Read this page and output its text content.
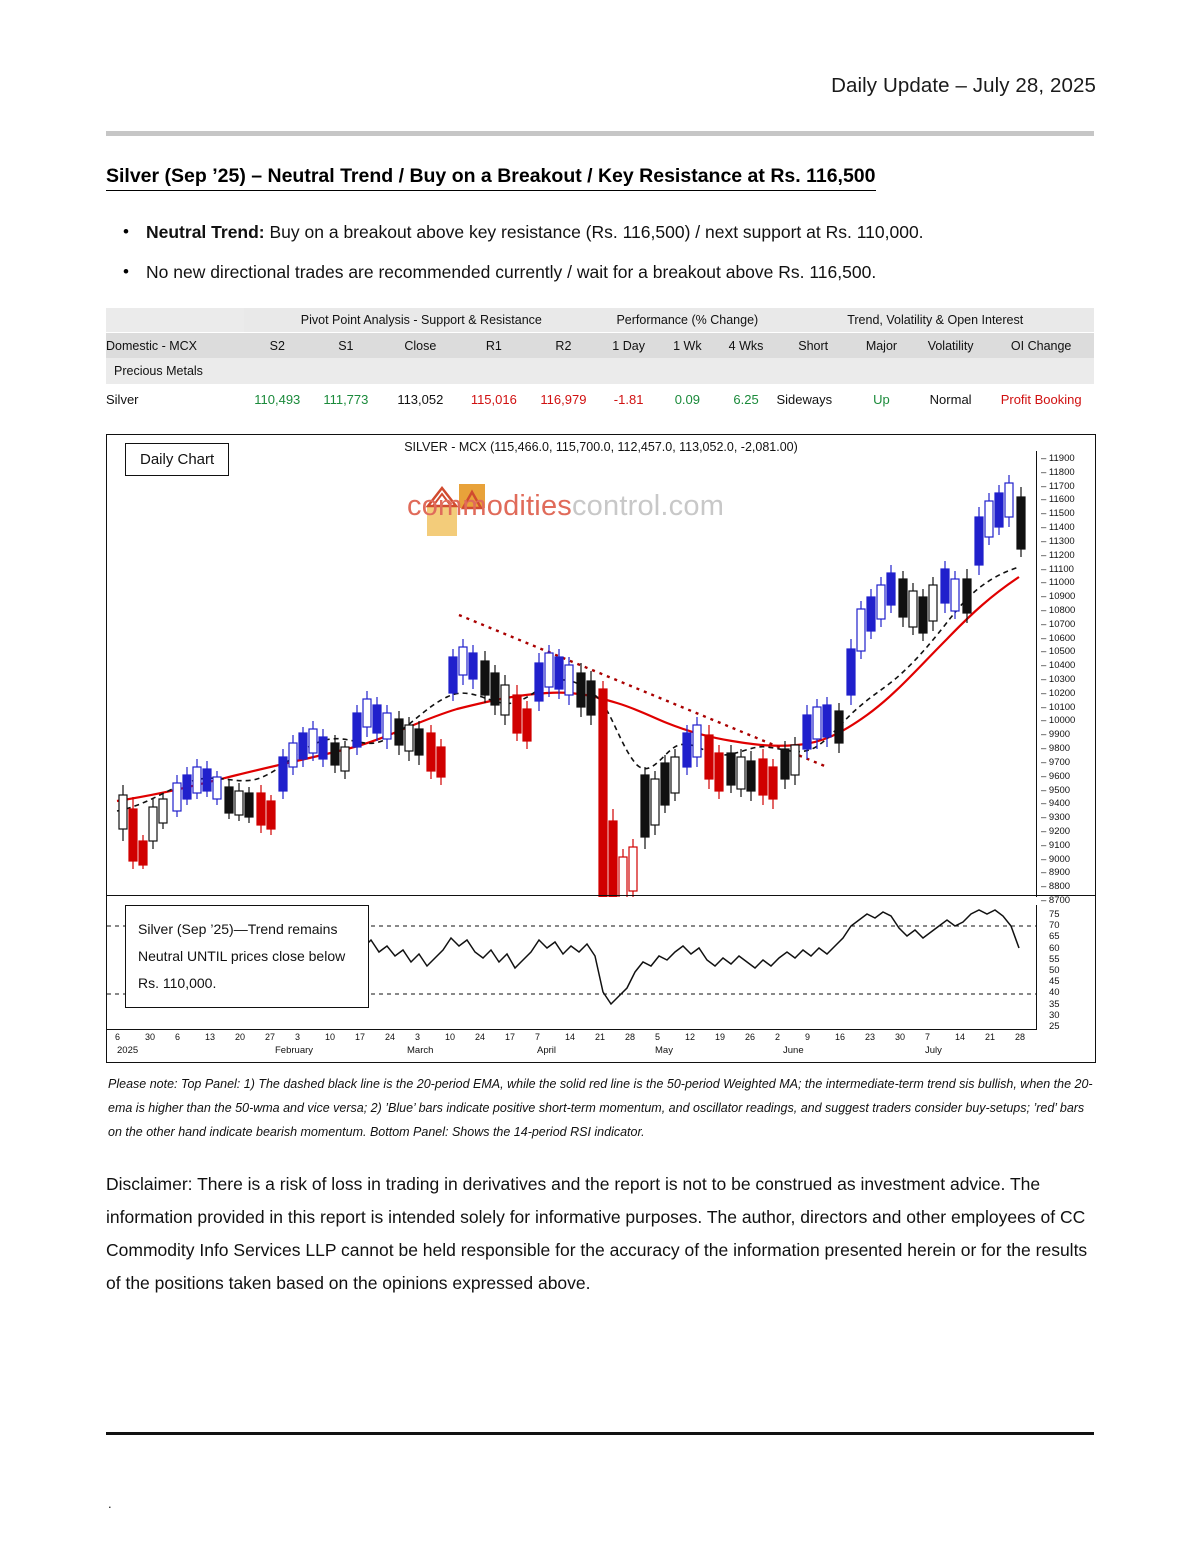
Daily Update – July 28, 2025
Silver (Sep ’25) – Neutral Trend / Buy on a Breakout / Key Resistance at Rs. 116,500
• Neutral Trend: Buy on a breakout above key resistance (Rs. 116,500) / next support at Rs. 110,000.
• No new directional trades are recommended currently / wait for a breakout above Rs. 116,500.
	Pivot Point Analysis - Support & Resistance					Performance (% Change)			Trend, Volatility & Open Interest			
Domestic - MCX	S2	S1	Close	R1	R2	1 Day	1 Wk	4 Wks	Short	Major	Volatility	OI Change
Precious Metals												
Silver	110,493	111,773	113,052	115,016	116,979	-1.81	0.09	6.25	Sideways	Up	Normal	Profit Booking
SILVER - MCX (115,466.0, 115,700.0, 112,457.0, 113,052.0, -2,081.00)
commoditiescontrol.com
Daily Chart	– 11900
– 11800
– 11700
– 11600
– 11500
– 11400
– 11300
– 11200
– 11100
– 11000
– 10900
– 10800
– 10700
– 10600
– 10500
– 10400
– 10300
– 10200
– 10100
– 10000
– 9900
– 9800
– 9700
– 9600
– 9500
– 9400
– 9300
– 9200
– 9100
– 9000
– 8900
– 8800
– 8700
75
70
65
60
55
50
45
40
35
30
25
Silver (Sep ’25)—Trend remains Neutral UNTIL prices close below Rs. 110,000.
6	30 6	13 20 27 3	10 17 24 3	10 24 17 7	14 21 28 5	12 19 26 2	9	16 23 30 7	14 21 28
2025	February	March	April	May	June	July
Please note: Top Panel: 1) The dashed black line is the 20-period EMA, while the solid red line is the 50-period Weighted MA; the intermediate-term trend sis bullish, when the 20-ema is higher than the 50-wma and vice versa; 2) ’Blue’ bars indicate positive short-term momentum, and oscillator readings, and suggest traders consider buy-setups; ’red’ bars on the other hand indicate bearish momentum. Bottom Panel: Shows the 14-period RSI indicator.
Disclaimer: There is a risk of loss in trading in derivatives and the report is not to be construed as investment advice. The information provided in this report is intended solely for informative purposes. The author, directors and other employees of CC Commodity Info Services LLP cannot be held responsible for the accuracy of the information presented herein or for the results of the positions taken based on the opinions expressed above.
.
